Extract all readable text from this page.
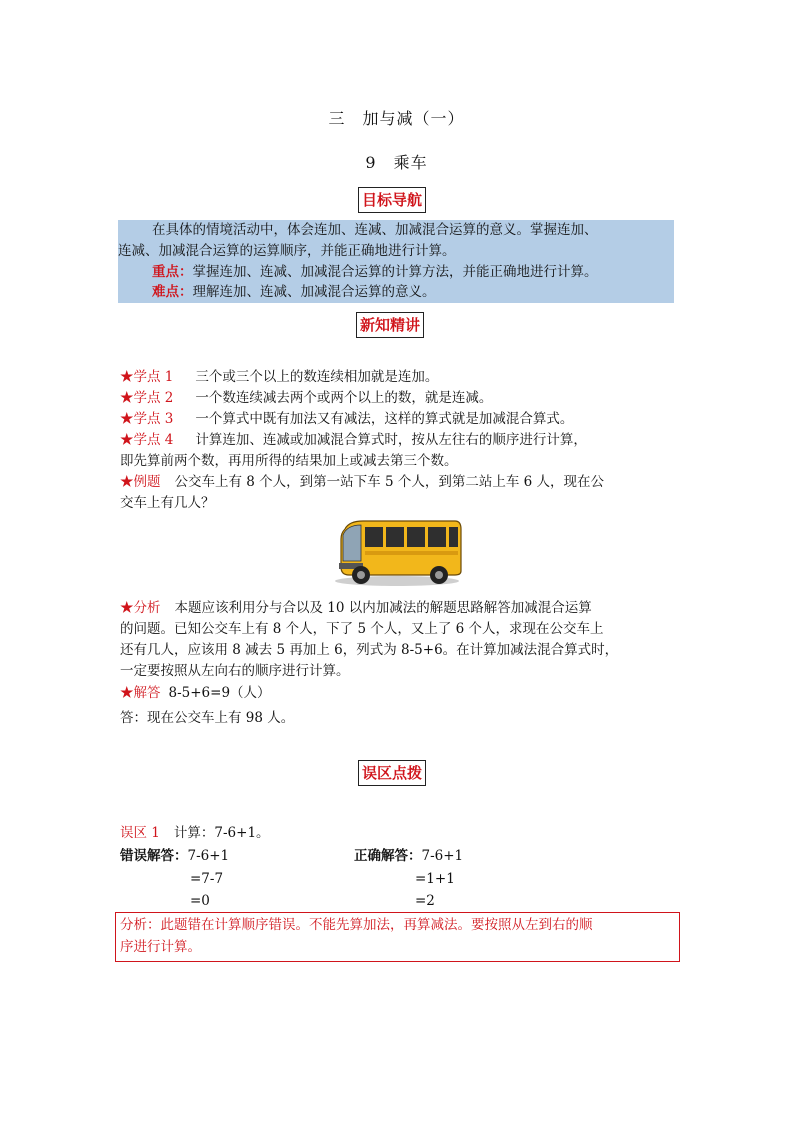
三　加与减（一）
9　乘车
目标导航
在具体的情境活动中，体会连加、连减、加减混合运算的意义。掌握连加、
连减、加减混合运算的运算顺序，并能正确地进行计算。
重点：掌握连加、连减、加减混合运算的计算方法，并能正确地进行计算。
难点：理解连加、连减、加减混合运算的意义。
新知精讲
★学点 1 三个或三个以上的数连续相加就是连加。
★学点 2 一个数连续减去两个或两个以上的数，就是连减。
★学点 3 一个算式中既有加法又有减法，这样的算式就是加减混合算式。
★学点 4 计算连加、连减或加减混合算式时，按从左往右的顺序进行计算，
即先算前两个数，再用所得的结果加上或减去第三个数。
★例题 公交车上有 8 个人，到第一站下车 5 个人，到第二站上车 6 人，现在公
交车上有几人？
★分析 本题应该利用分与合以及 10 以内加减法的解题思路解答加减混合运算
的问题。已知公交车上有 8 个人，下了 5 个人，又上了 6 个人，求现在公交车上
还有几人，应该用 8 减去 5 再加上 6，列式为 8-5+6。在计算加减法混合算式时，
一定要按照从左向右的顺序进行计算。
★解答 8-5+6=9（人）
答：现在公交车上有 98 人。
误区点拨
误区 1 计算：7-6+1。
错误解答：7-6+1
=7-7
=0
正确解答：7-6+1
=1+1
=2
分析：此题错在计算顺序错误。不能先算加法，再算减法。要按照从左到右的顺
序进行计算。
